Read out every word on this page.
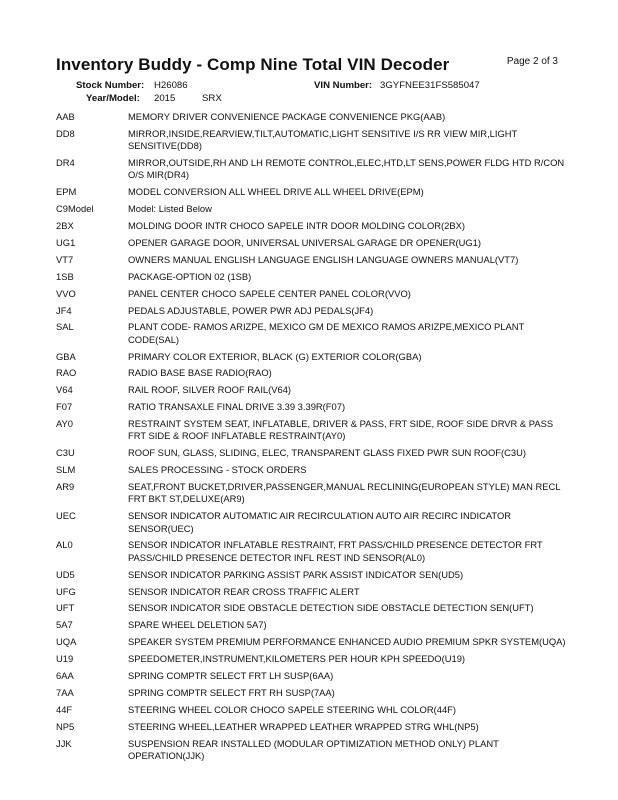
Page 2 of 3
Inventory Buddy - Comp Nine Total VIN Decoder
Stock Number: H26086	VIN Number: 3GYFNEE31FS585047
Year/Model: 2015	SRX
AAB	MEMORY DRIVER CONVENIENCE PACKAGE CONVENIENCE PKG(AAB)
DD8	MIRROR,INSIDE,REARVIEW,TILT,AUTOMATIC,LIGHT SENSITIVE I/S RR VIEW MIR,LIGHT SENSITIVE(DD8)
DR4	MIRROR,OUTSIDE,RH AND LH REMOTE CONTROL,ELEC,HTD,LT SENS,POWER FLDG HTD R/CON O/S MIR(DR4)
EPM	MODEL CONVERSION ALL WHEEL DRIVE ALL WHEEL DRIVE(EPM)
C9Model	Model: Listed Below
2BX	MOLDING DOOR INTR CHOCO SAPELE INTR DOOR MOLDING COLOR(2BX)
UG1	OPENER GARAGE DOOR, UNIVERSAL UNIVERSAL GARAGE DR OPENER(UG1)
VT7	OWNERS MANUAL ENGLISH LANGUAGE ENGLISH LANGUAGE OWNERS MANUAL(VT7)
1SB	PACKAGE-OPTION 02 (1SB)
VVO	PANEL CENTER CHOCO SAPELE CENTER PANEL COLOR(VVO)
JF4	PEDALS ADJUSTABLE, POWER PWR ADJ PEDALS(JF4)
SAL	PLANT CODE- RAMOS ARIZPE, MEXICO GM DE MEXICO RAMOS ARIZPE,MEXICO PLANT CODE(SAL)
GBA	PRIMARY COLOR EXTERIOR, BLACK (G) EXTERIOR COLOR(GBA)
RAO	RADIO BASE BASE RADIO(RAO)
V64	RAIL ROOF, SILVER ROOF RAIL(V64)
F07	RATIO TRANSAXLE FINAL DRIVE 3.39 3.39R(F07)
AY0	RESTRAINT SYSTEM SEAT, INFLATABLE, DRIVER & PASS, FRT SIDE, ROOF SIDE DRVR & PASS FRT SIDE & ROOF INFLATABLE RESTRAINT(AY0)
C3U	ROOF SUN, GLASS, SLIDING, ELEC, TRANSPARENT GLASS FIXED PWR SUN ROOF(C3U)
SLM	SALES PROCESSING - STOCK ORDERS
AR9	SEAT,FRONT BUCKET,DRIVER,PASSENGER,MANUAL RECLINING(EUROPEAN STYLE) MAN RECL FRT BKT ST,DELUXE(AR9)
UEC	SENSOR INDICATOR AUTOMATIC AIR RECIRCULATION AUTO AIR RECIRC INDICATOR SENSOR(UEC)
AL0	SENSOR INDICATOR INFLATABLE RESTRAINT, FRT PASS/CHILD PRESENCE DETECTOR FRT PASS/CHILD PRESENCE DETECTOR INFL REST IND SENSOR(AL0)
UD5	SENSOR INDICATOR PARKING ASSIST PARK ASSIST INDICATOR SEN(UD5)
UFG	SENSOR INDICATOR REAR CROSS TRAFFIC ALERT
UFT	SENSOR INDICATOR SIDE OBSTACLE DETECTION SIDE OBSTACLE DETECTION SEN(UFT)
5A7	SPARE WHEEL DELETION 5A7)
UQA	SPEAKER SYSTEM PREMIUM PERFORMANCE ENHANCED AUDIO PREMIUM SPKR SYSTEM(UQA)
U19	SPEEDOMETER,INSTRUMENT,KILOMETERS PER HOUR KPH SPEEDO(U19)
6AA	SPRING COMPTR SELECT FRT LH SUSP(6AA)
7AA	SPRING COMPTR SELECT FRT RH SUSP(7AA)
44F	STEERING WHEEL COLOR CHOCO SAPELE STEERING WHL COLOR(44F)
NP5	STEERING WHEEL,LEATHER WRAPPED LEATHER WRAPPED STRG WHL(NP5)
JJK	SUSPENSION REAR INSTALLED (MODULAR OPTIMIZATION METHOD ONLY) PLANT OPERATION(JJK)
